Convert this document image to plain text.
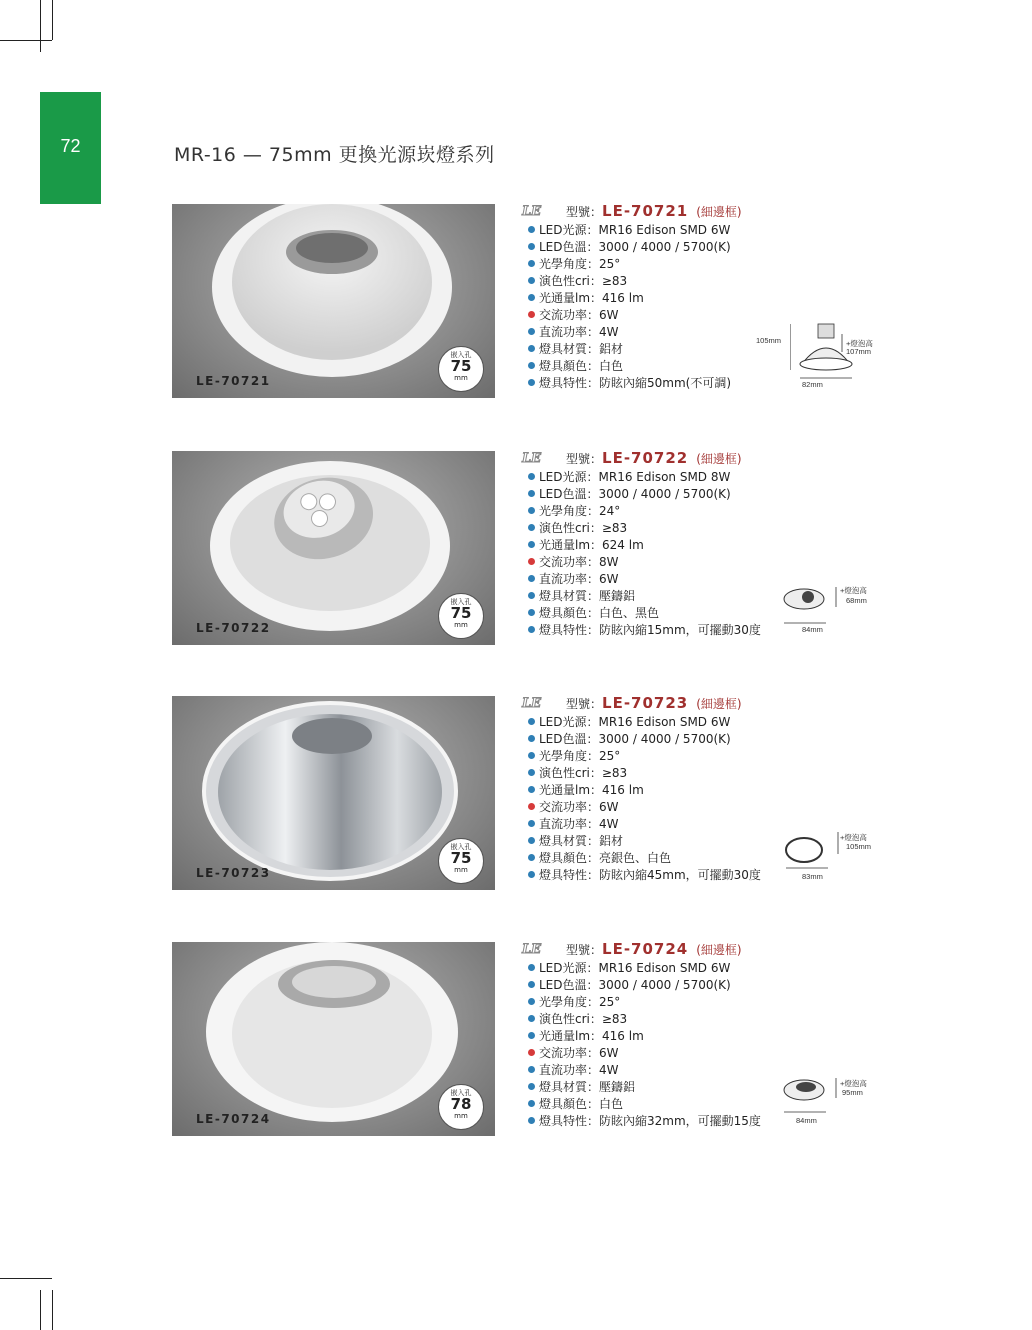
72	MR-16 — 75mm 更換光源崁燈系列
LE-70721
嵌入孔
75
mm
LE	型號：LE-70721 (細邊框)
LED光源：MR16 Edison SMD 6W
LED色溫：3000 / 4000 / 5700(K)
光學角度：25°
演色性cri：≥83
光通量lm：416 lm
交流功率：6W
直流功率：4W
燈具材質：鋁材
燈具顏色：白色
燈具特性：防眩內縮50mm(不可調)
105mm	+燈泡高
107mm
82mm
LE-70722
嵌入孔
75
mm
LE	型號：LE-70722 (細邊框)
LED光源：MR16 Edison SMD 8W
LED色溫：3000 / 4000 / 5700(K)
光學角度：24°
演色性cri：≥83
光通量lm：624 lm
交流功率：8W
直流功率：6W
燈具材質：壓鑄鋁
燈具顏色：白色、黑色
燈具特性：防眩內縮15mm，可擺動30度
+燈泡高
68mm
84mm
LE-70723
嵌入孔
75
mm
LE	型號：LE-70723 (細邊框)
LED光源：MR16 Edison SMD 6W
LED色溫：3000 / 4000 / 5700(K)
光學角度：25°
演色性cri：≥83
光通量lm：416 lm
交流功率：6W
直流功率：4W
燈具材質：鋁材
燈具顏色：亮銀色、白色
燈具特性：防眩內縮45mm，可擺動30度
+燈泡高
105mm
83mm
LE-70724
嵌入孔
78
mm
LE	型號：LE-70724 (細邊框)
LED光源：MR16 Edison SMD 6W
LED色溫：3000 / 4000 / 5700(K)
光學角度：25°
演色性cri：≥83
光通量lm：416 lm
交流功率：6W
直流功率：4W
燈具材質：壓鑄鋁
燈具顏色：白色
燈具特性：防眩內縮32mm，可擺動15度
+燈泡高
95mm
84mm
